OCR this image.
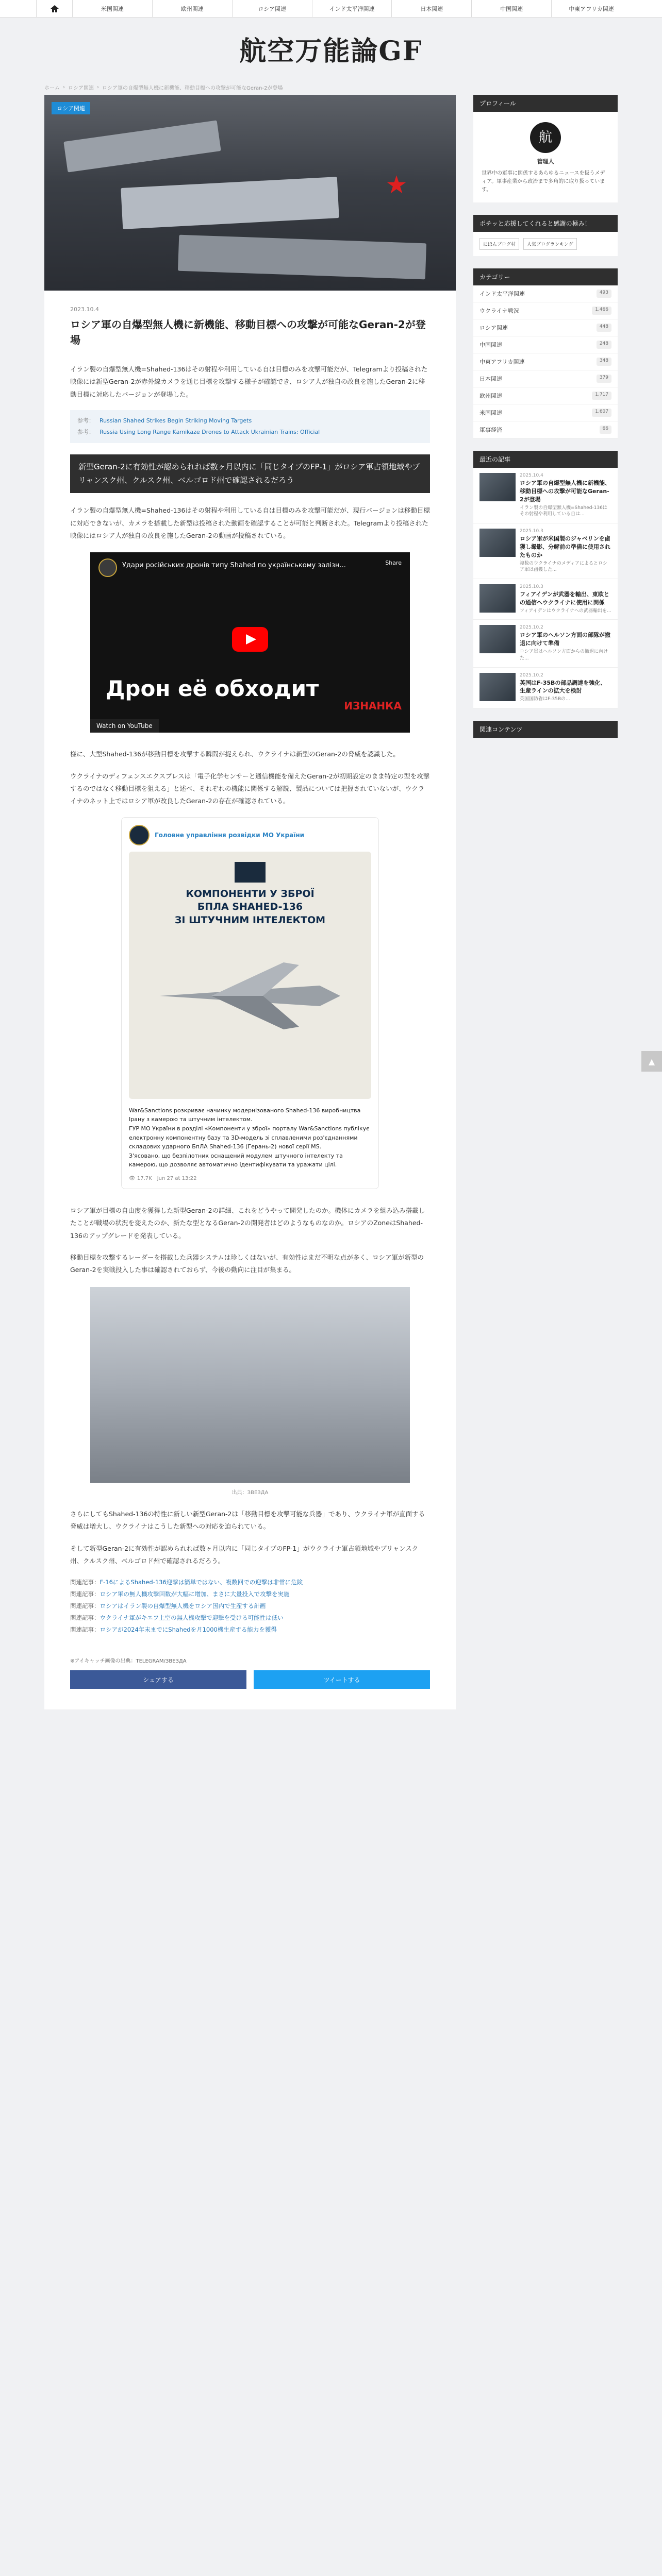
米国関連	欧州関連	ロシア関連	インド太平洋関連	日本関連	中国関連	中東アフリカ関連
航空万能論GF
ホーム › ロシア関連 › ロシア軍の自爆型無人機に新機能、移動目標への攻撃が可能なGeran-2が登場
ロシア関連
★
2023.10.4
ロシア軍の自爆型無人機に新機能、移動目標への攻撃が可能なGeran-2が登場

イラン製の自爆型無人機=Shahed-136はその射程や利用している自は目標のみを攻撃可能だが、Telegramより投稿された映像には新型Geran-2が赤外線カメラを通じ目標を攻撃する様子が確認でき、ロシア人が独自の改良を施したGeran-2に移動目標に対応したバージョンが登場した。

参考： Russian Shahed Strikes Begin Striking Moving Targets
参考： Russia Using Long Range Kamikaze Drones to Attack Ukrainian Trains: Official
新型Geran-2に有効性が認められれば数ヶ月以内に「同じタイプのFP-1」がロシア軍占領地域やブリャンスク州、クルスク州、ベルゴロド州で確認されるだろう

イラン製の自爆型無人機=Shahed-136はその射程や利用している自は目標のみを攻撃可能だが、現行バージョンは移動目標に対応できないが、カメラを搭載した新型は投稿された動画を確認することが可能と判断された。Telegramより投稿された映像にはロシア人が独自の改良を施したGeran-2の動画が投稿されている。

Удари російських дронів типу Shahed по українському залізн...	Share
Дрон её обходит
ИЗНАНКА
Watch on YouTube

様に、大型Shahed-136が移動目標を攻撃する瞬間が捉えられ、ウクライナは新型のGeran-2の脅威を認識した。

ウクライナのディフェンスエクスプレスは「電子化学センサーと通信機能を備えたGeran-2が初期設定のまま特定の型を攻撃するのではなく移動目標を狙える」と述べ、それぞれの機能に関係する解説、製品については把握されていないが、ウクライナのネット上ではロシア軍が改良したGeran-2の存在が確認されている。

Головне управління розвідки МО України
КОМПОНЕНТИ У ЗБРОЇ
БПЛА SHAHED-136
ЗІ ШТУЧНИМ ІНТЕЛЕКТОМ
War&Sanctions розкриває начинку модернізованого Shahed-136 виробництва Ірану з камерою та штучним інтелектом.
ГУР МО України в розділі «Компоненти у зброї» порталу War&Sanctions публікує електронну компонентну базу та 3D-модель зі сплавленими роз'єднаннями складових ударного БпЛА Shahed-136 (Герань-2) нової серії MS.
З'ясовано, що безпілотник оснащений модулем штучного інтелекту та камерою, що дозволяє автоматично ідентифікувати та уражати цілі.
👁 17.7K Jun 27 at 13:22

ロシア軍が目標の自由度を獲得した新型Geran-2の詳細、これをどうやって開発したのか。機体にカメラを組み込み搭載したことが戦場の状況を変えたのか、新たな型となるGeran-2の開発者はどのようなものなのか。ロシアのZoneはShahed-136のアップグレードを発表している。

移動目標を攻撃するレーダーを搭載した兵器システムは珍しくはないが、有効性はまだ不明な点が多く、ロシア軍が新型のGeran-2を実戦投入した事は確認されておらず、今後の動向に注目が集まる。

出典：ЗВЕЗДА

さらにしてもShahed-136の特性に新しい新型Geran-2は「移動目標を攻撃可能な兵器」であり、ウクライナ軍が直面する脅威は増大し、ウクライナはこうした新型への対応を迫られている。

そして新型Geran-2に有効性が認められれば数ヶ月以内に「同じタイプのFP-1」がウクライナ軍占領地域やブリャンスク州、クルスク州、ベルゴロド州で確認されるだろう。

関連記事：F-16によるShahed-136迎撃は簡単ではない、複数回での迎撃は非常に危険
関連記事：ロシア軍の無人機攻撃回数が大幅に増加、まさに大量投入で攻撃を実施
関連記事：ロシアはイラン製の自爆型無人機をロシア国内で生産する計画
関連記事：ウクライナ軍がキエフ上空の無人機攻撃で迎撃を受ける可能性は低い
関連記事：ロシアが2024年末までにShahedを月1000機生産する能力を獲得
※アイキャッチ画像の出典：TELEGRAM/ЗВЕЗДА
シェアする	ツイートする
プロフィール
航
管理人
世界中の軍事に関係するあらゆるニュースを扱うメディア。軍事産業から政治まで多角的に取り扱っています。
ポチッと応援してくれると感謝の極み！
にほんブログ村	人気ブログランキング
カテゴリー
インド太平洋関連	493
ウクライナ戦況	1,466
ロシア関連	448
中国関連	248
中東アフリカ関連	348
日本関連	379
欧州関連	1,717
米国関連	1,607
軍事経済	66
最近の記事
2025.10.4
ロシア軍の自爆型無人機に新機能、移動目標への攻撃が可能なGeran-2が登場
イラン製の自爆型無人機=Shahed-136はその射程や利用している自は...
2025.10.3
ロシア軍が米国製のジャベリンを鹵獲し撮影、分解前の準備に使用されたものか
複数のウクライナのメディアによるとロシア軍は鹵獲した...
2025.10.3
フィアイデンが武器を輸出、東欧との通信へウクライナに使用に関係
フィアイデンはウクライナへの武器輸出を...
2025.10.2
ロシア軍のヘルソン方面の部隊が撤退に向けて準備
ロシア軍はヘルソン方面からの撤退に向けた...
2025.10.2
英国はF-35Bの部品調達を強化、生産ラインの拡大を検討
英国国防省はF-35Bの...
関連コンテンツ
▲
